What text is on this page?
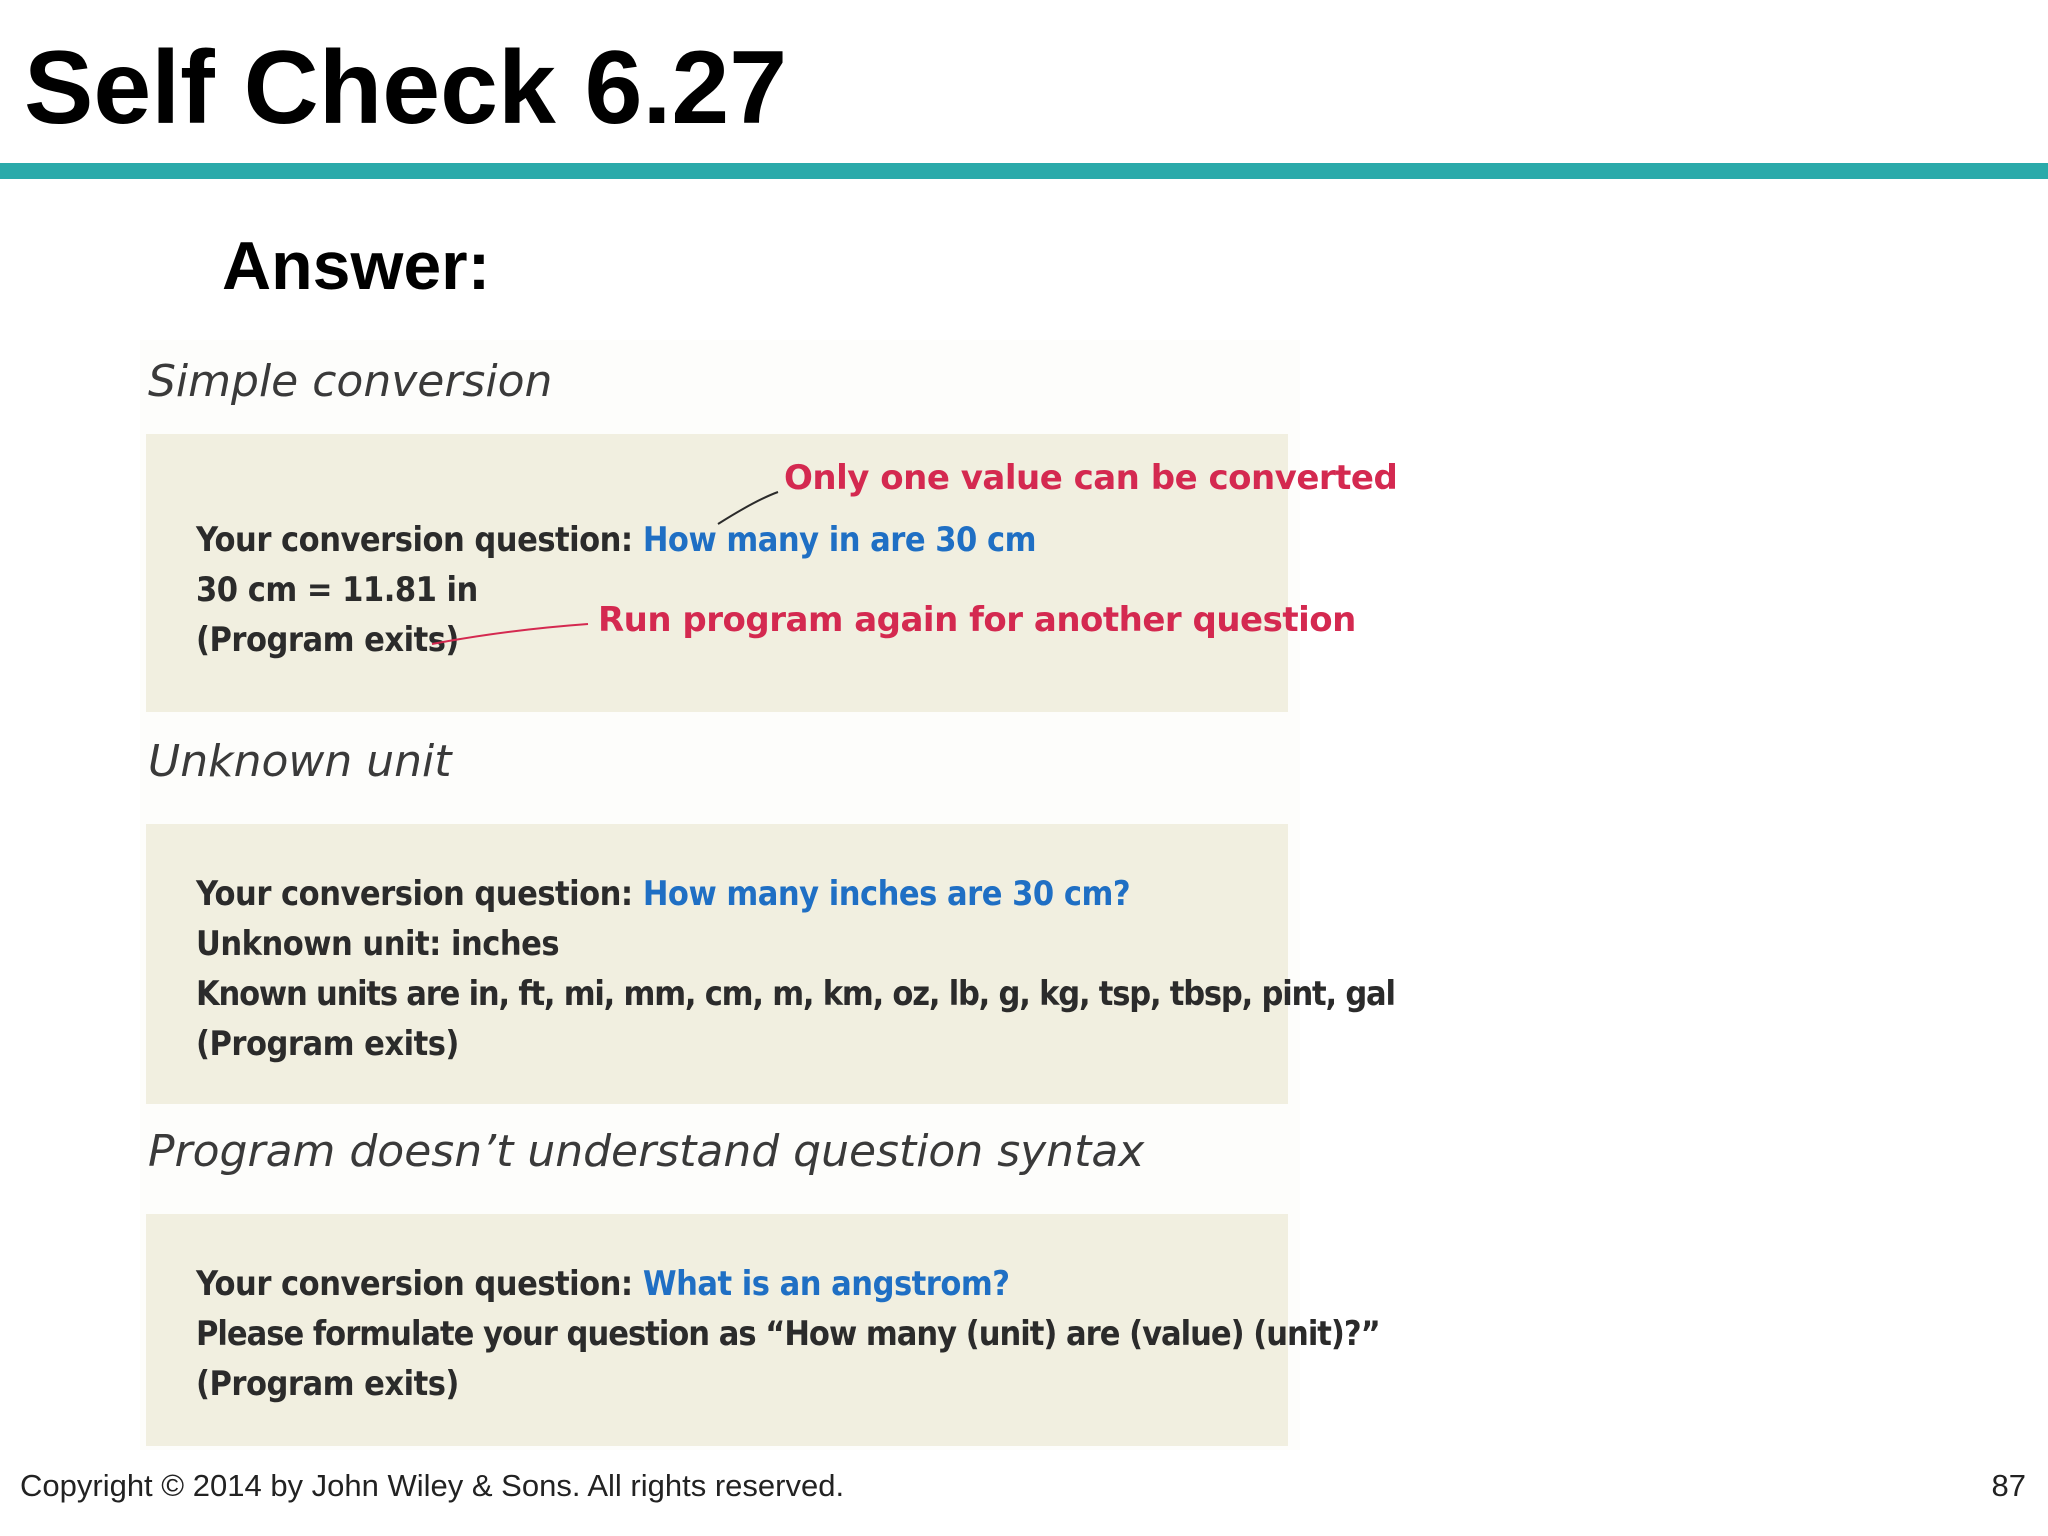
Self Check 6.27
Answer:
Simple conversion
Your conversion question: How many in are 30 cm
30 cm = 11.81 in
(Program exits)
Only one value can be converted
Run program again for another question
Unknown unit
Your conversion question: How many inches are 30 cm?
Unknown unit: inches
Known units are in, ft, mi, mm, cm, m, km, oz, lb, g, kg, tsp, tbsp, pint, gal
(Program exits)
Program doesn’t understand question syntax
Your conversion question: What is an angstrom?
Please formulate your question as “How many (unit) are (value) (unit)?”
(Program exits)
Copyright © 2014 by John Wiley & Sons. All rights reserved.	87
